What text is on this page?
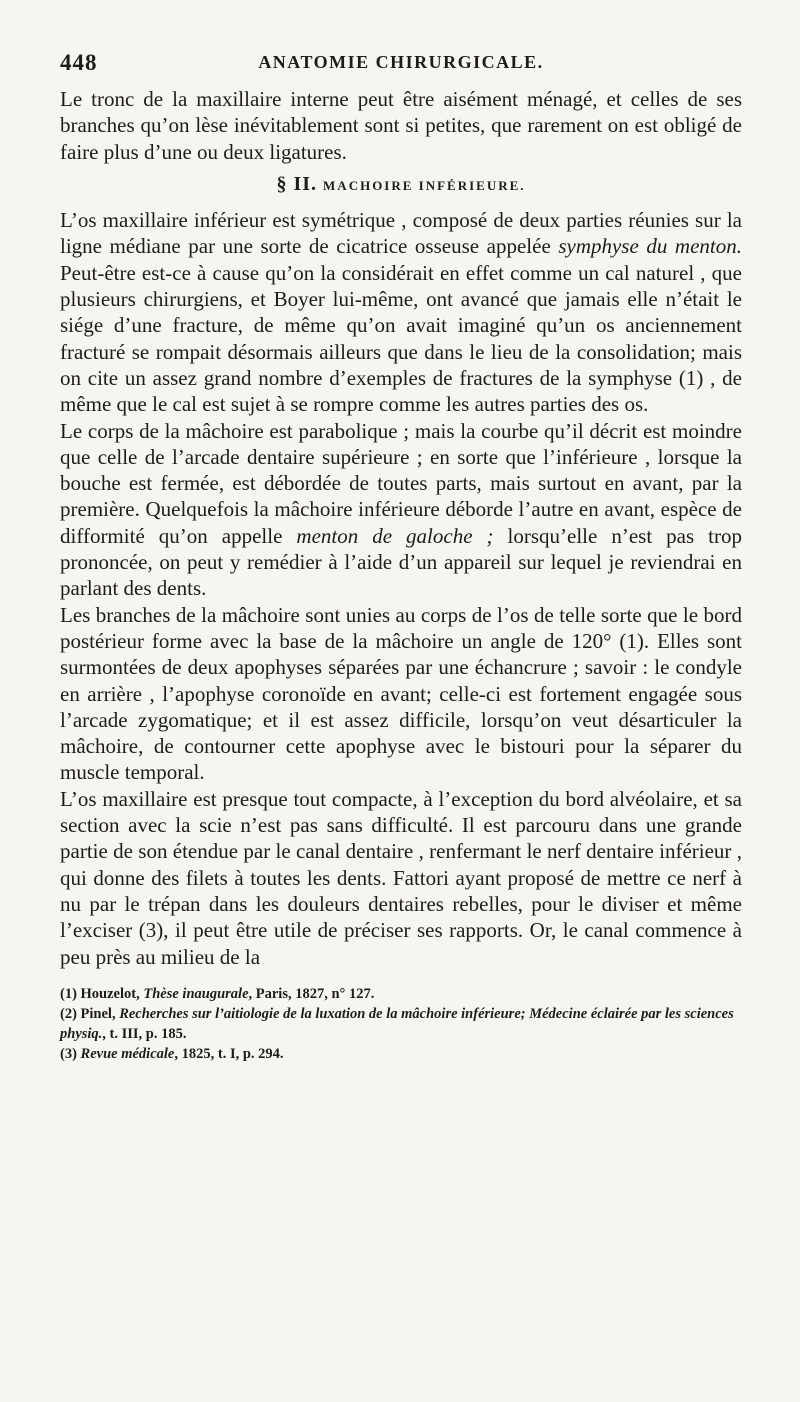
448	ANATOMIE CHIRURGICALE.

Le tronc de la maxillaire interne peut être aisément ménagé, et celles de ses branches qu’on lèse inévitablement sont si petites, que rarement on est obligé de faire plus d’une ou deux ligatures.

§ II. MACHOIRE INFÉRIEURE.

L’os maxillaire inférieur est symétrique , composé de deux parties réunies sur la ligne médiane par une sorte de cicatrice osseuse appelée symphyse du menton. Peut-être est-ce à cause qu’on la considérait en effet comme un cal naturel , que plusieurs chirurgiens, et Boyer lui-même, ont avancé que jamais elle n’était le siége d’une fracture, de même qu’on avait imaginé qu’un os anciennement fracturé se rompait désormais ailleurs que dans le lieu de la consolidation; mais on cite un assez grand nombre d’exemples de fractures de la symphyse (1) , de même que le cal est sujet à se rompre comme les autres parties des os.

Le corps de la mâchoire est parabolique ; mais la courbe qu’il décrit est moindre que celle de l’arcade dentaire supérieure ; en sorte que l’inférieure , lorsque la bouche est fermée, est débordée de toutes parts, mais surtout en avant, par la première. Quelquefois la mâchoire inférieure déborde l’autre en avant, espèce de difformité qu’on appelle menton de galoche ; lorsqu’elle n’est pas trop prononcée, on peut y remédier à l’aide d’un appareil sur lequel je reviendrai en parlant des dents.

Les branches de la mâchoire sont unies au corps de l’os de telle sorte que le bord postérieur forme avec la base de la mâchoire un angle de 120° (1). Elles sont surmontées de deux apophyses séparées par une échancrure ; savoir : le condyle en arrière , l’apophyse coronoïde en avant; celle-ci est fortement engagée sous l’arcade zygomatique; et il est assez difficile, lorsqu’on veut désarticuler la mâchoire, de contourner cette apophyse avec le bistouri pour la séparer du muscle temporal.

L’os maxillaire est presque tout compacte, à l’exception du bord alvéolaire, et sa section avec la scie n’est pas sans difficulté. Il est parcouru dans une grande partie de son étendue par le canal dentaire , renfermant le nerf dentaire inférieur , qui donne des filets à toutes les dents. Fattori ayant proposé de mettre ce nerf à nu par le trépan dans les douleurs dentaires rebelles, pour le diviser et même l’exciser (3), il peut être utile de préciser ses rapports. Or, le canal commence à peu près au milieu de la

(1) Houzelot, Thèse inaugurale, Paris, 1827, n° 127.

(2) Pinel, Recherches sur l’aitiologie de la luxation de la mâchoire inférieure; Médecine éclairée par les sciences physiq., t. III, p. 185.

(3) Revue médicale, 1825, t. I, p. 294.
